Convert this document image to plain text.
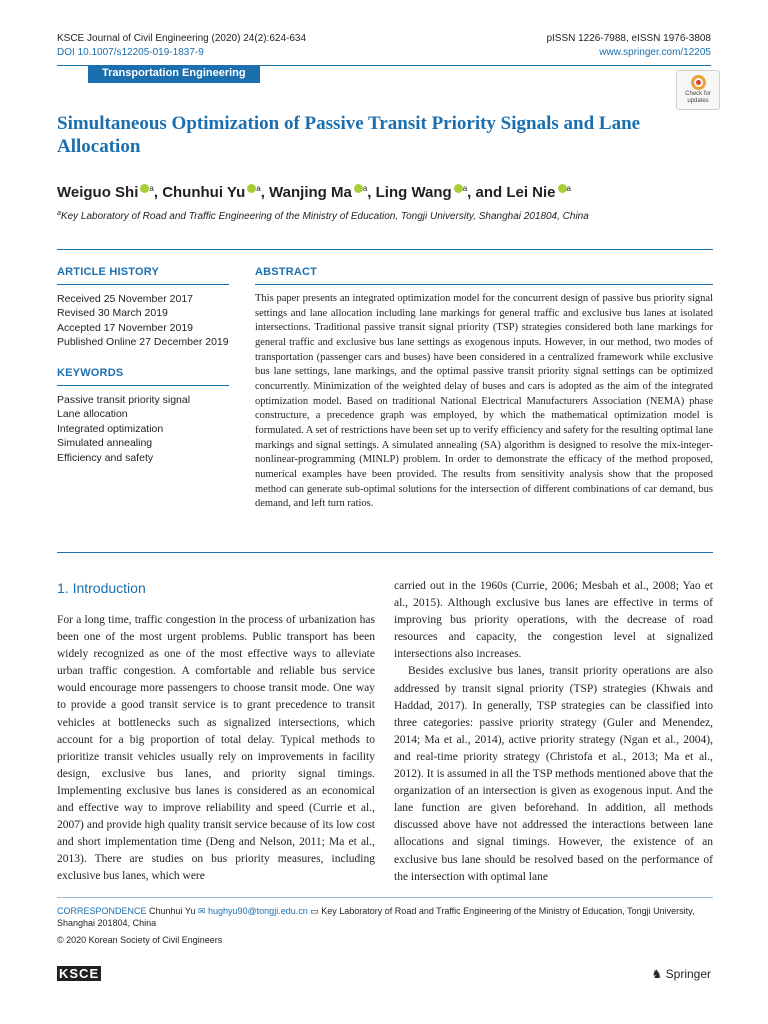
KSCE Journal of Civil Engineering (2020) 24(2):624-634
DOI 10.1007/s12205-019-1837-9
pISSN 1226-7988, eISSN 1976-3808
www.springer.com/12205
Transportation Engineering
Check for updates
Simultaneous Optimization of Passive Transit Priority Signals and Lane Allocation
Weiguo Shi $^a$, Chunhui Yu $^a$, Wanjing Ma $^a$, Ling Wang $^a$, and Lei Nie $^a$
$^a$Key Laboratory of Road and Traffic Engineering of the Ministry of Education, Tongji University, Shanghai 201804, China
ARTICLE HISTORY
Received 25 November 2017
Revised 30 March 2019
Accepted 17 November 2019
Published Online 27 December 2019
KEYWORDS
Passive transit priority signal
Lane allocation
Integrated optimization
Simulated annealing
Efficiency and safety
ABSTRACT
This paper presents an integrated optimization model for the concurrent design of passive bus priority signal settings and lane allocation including lane markings for general traffic and exclusive bus lanes at isolated intersections. Traditional passive transit signal priority (TSP) strategies considered both lane markings for general traffic and exclusive bus lane settings as exogenous inputs. However, in our method, two modes of transportation (passenger cars and buses) have been considered in a centralized framework while exclusive bus lane settings, lane markings, and the optimal passive transit priority signal settings can be optimized concurrently. Minimization of the weighted delay of buses and cars is adopted as the aim of the integrated optimization model. Based on traditional National Electrical Manufacturers Association (NEMA) phase constructure, a precedence graph was employed, by which the mathematical optimization model is formulated. A set of restrictions have been set up to verify efficiency and safety for the resulting optimal lane markings and signal settings. A simulated annealing (SA) algorithm is designed to resolve the mix-integer-nonlinear-programming (MINLP) problem. In order to demonstrate the efficacy of the method proposed, numerical examples have been provided. The results from sensitivity analysis show that the proposed method can generate sub-optimal solutions for the intersection of different combinations of car demand, bus demand, and left turn ratios.
1. Introduction
For a long time, traffic congestion in the process of urbanization has been one of the most urgent problems. Public transport has been widely recognized as one of the most effective ways to alleviate urban traffic congestion. A comfortable and reliable bus service would encourage more passengers to choose transit mode. One way to provide a good transit service is to grant precedence to transit vehicles at bottlenecks such as signalized intersections, which account for a big proportion of total delay. Typical methods to prioritize transit vehicles usually rely on improvements in facility design, exclusive bus lanes, and priority signal timings. Implementing exclusive bus lanes is considered as an economical and effective way to improve reliability and speed (Currie et al., 2007) and provide high quality transit service because of its low cost and short implementation time (Deng and Nelson, 2011; Ma et al., 2013). There are studies on bus priority measures, including exclusive bus lanes, which were
carried out in the 1960s (Currie, 2006; Mesbah et al., 2008; Yao et al., 2015). Although exclusive bus lanes are effective in terms of improving bus priority operations, with the decrease of road resources and capacity, the congestion level at signalized intersections also increases.
Besides exclusive bus lanes, transit priority operations are also addressed by transit signal priority (TSP) strategies (Khwais and Haddad, 2017). In generally, TSP strategies can be classified into three categories: passive priority strategy (Guler and Menendez, 2014; Ma et al., 2014), active priority strategy (Ngan et al., 2004), and real-time priority strategy (Christofa et al., 2013; Ma et al., 2012). It is assumed in all the TSP methods mentioned above that the organization of an intersection is given as exogenous input. And the lane function are given beforehand. In addition, all methods discussed above have not addressed the interactions between lane allocations and signal timings. However, the existence of an exclusive bus lane should be resolved based on the performance of the intersection with optimal lane
CORRESPONDENCE Chunhui Yu ✉ hughyu90@tongji.edu.cn ▭ Key Laboratory of Road and Traffic Engineering of the Ministry of Education, Tongji University, Shanghai 201804, China
© 2020 Korean Society of Civil Engineers
KSCE	♞ Springer
